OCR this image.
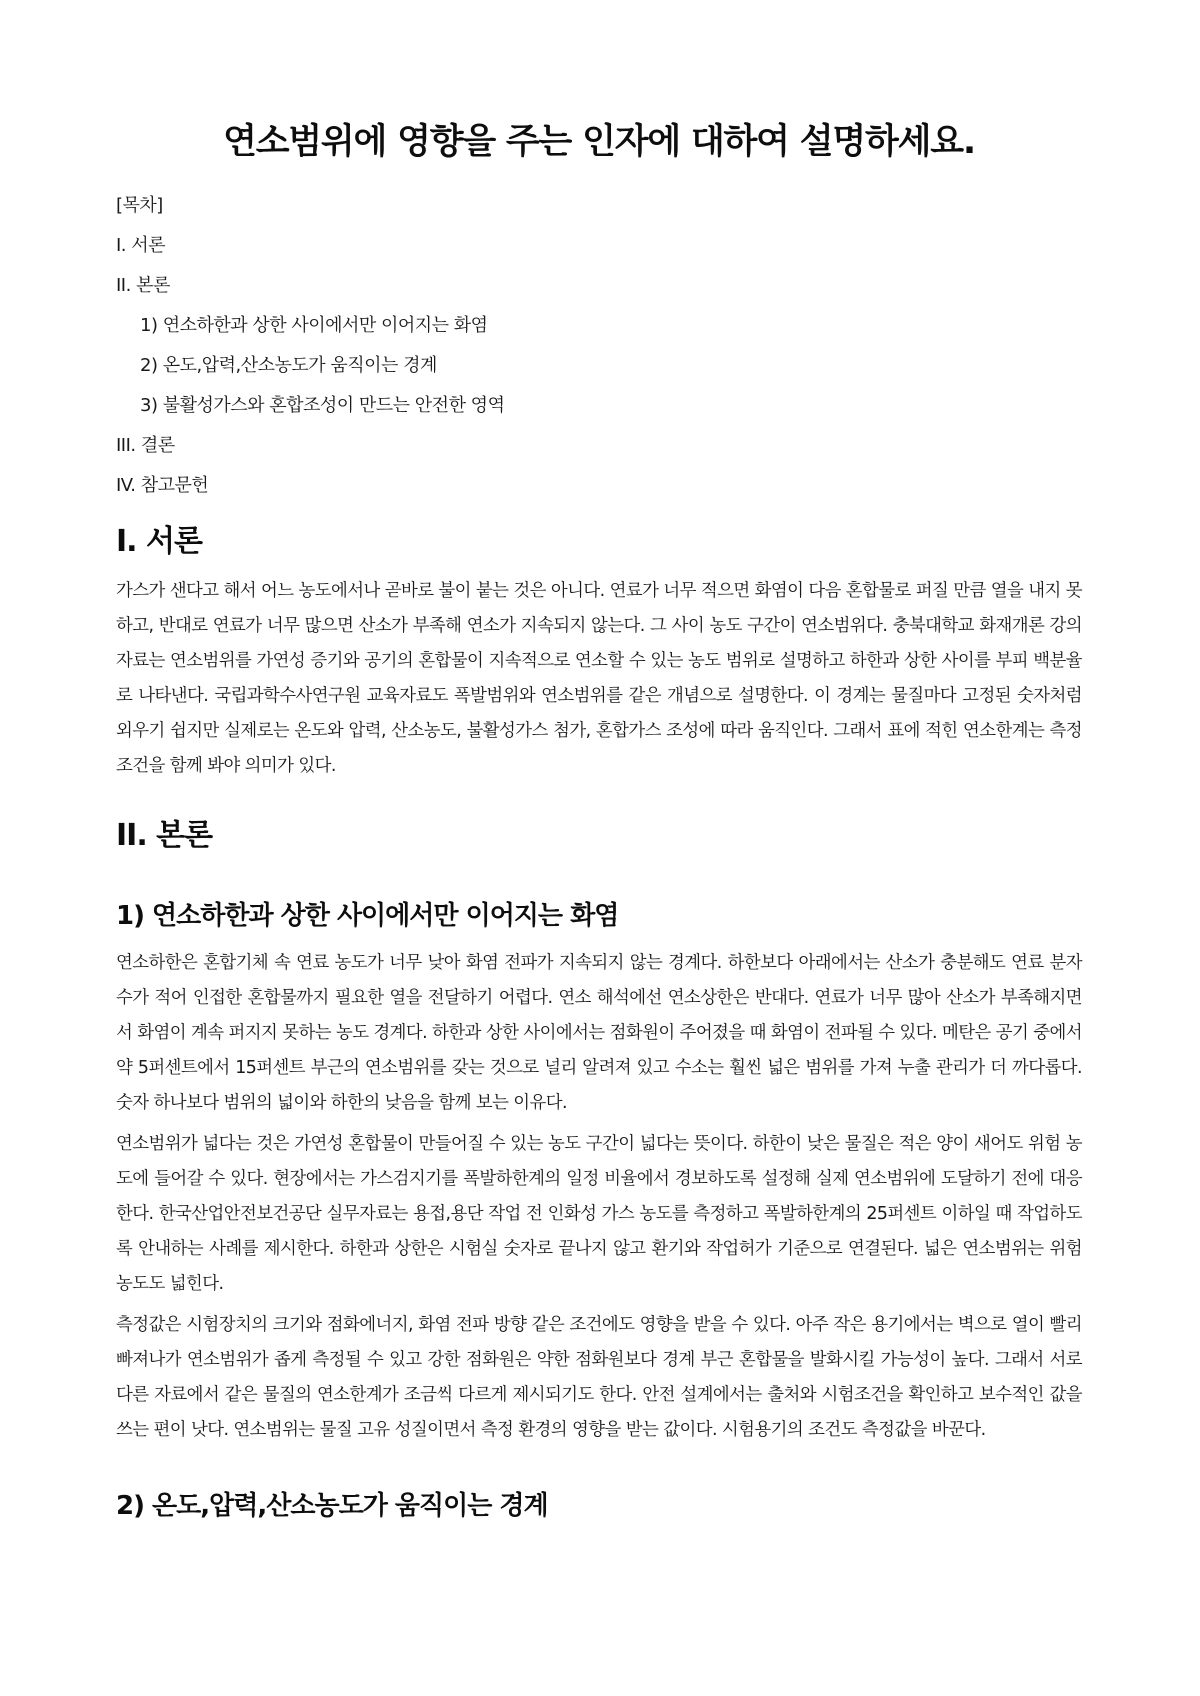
연소범위에 영향을 주는 인자에 대하여 설명하세요.
[목차]
I. 서론
II. 본론
1) 연소하한과 상한 사이에서만 이어지는 화염
2) 온도,압력,산소농도가 움직이는 경계
3) 불활성가스와 혼합조성이 만드는 안전한 영역
III. 결론
IV. 참고문헌
I. 서론

가스가 샌다고 해서 어느 농도에서나 곧바로 불이 붙는 것은 아니다. 연료가 너무 적으면 화염이 다음 혼합물로 퍼질 만큼 열을 내지 못하고, 반대로 연료가 너무 많으면 산소가 부족해 연소가 지속되지 않는다. 그 사이 농도 구간이 연소범위다. 충북대학교 화재개론 강의자료는 연소범위를 가연성 증기와 공기의 혼합물이 지속적으로 연소할 수 있는 농도 범위로 설명하고 하한과 상한 사이를 부피 백분율로 나타낸다. 국립과학수사연구원 교육자료도 폭발범위와 연소범위를 같은 개념으로 설명한다. 이 경계는 물질마다 고정된 숫자처럼 외우기 쉽지만 실제로는 온도와 압력, 산소농도, 불활성가스 첨가, 혼합가스 조성에 따라 움직인다. 그래서 표에 적힌 연소한계는 측정 조건을 함께 봐야 의미가 있다.

II. 본론
1) 연소하한과 상한 사이에서만 이어지는 화염

연소하한은 혼합기체 속 연료 농도가 너무 낮아 화염 전파가 지속되지 않는 경계다. 하한보다 아래에서는 산소가 충분해도 연료 분자 수가 적어 인접한 혼합물까지 필요한 열을 전달하기 어렵다. 연소 해석에선 연소상한은 반대다. 연료가 너무 많아 산소가 부족해지면서 화염이 계속 퍼지지 못하는 농도 경계다. 하한과 상한 사이에서는 점화원이 주어졌을 때 화염이 전파될 수 있다. 메탄은 공기 중에서 약 5퍼센트에서 15퍼센트 부근의 연소범위를 갖는 것으로 널리 알려져 있고 수소는 훨씬 넓은 범위를 가져 누출 관리가 더 까다롭다. 숫자 하나보다 범위의 넓이와 하한의 낮음을 함께 보는 이유다.

연소범위가 넓다는 것은 가연성 혼합물이 만들어질 수 있는 농도 구간이 넓다는 뜻이다. 하한이 낮은 물질은 적은 양이 새어도 위험 농도에 들어갈 수 있다. 현장에서는 가스검지기를 폭발하한계의 일정 비율에서 경보하도록 설정해 실제 연소범위에 도달하기 전에 대응한다. 한국산업안전보건공단 실무자료는 용접,용단 작업 전 인화성 가스 농도를 측정하고 폭발하한계의 25퍼센트 이하일 때 작업하도록 안내하는 사례를 제시한다. 하한과 상한은 시험실 숫자로 끝나지 않고 환기와 작업허가 기준으로 연결된다. 넓은 연소범위는 위험 농도도 넓힌다.

측정값은 시험장치의 크기와 점화에너지, 화염 전파 방향 같은 조건에도 영향을 받을 수 있다. 아주 작은 용기에서는 벽으로 열이 빨리 빠져나가 연소범위가 좁게 측정될 수 있고 강한 점화원은 약한 점화원보다 경계 부근 혼합물을 발화시킬 가능성이 높다. 그래서 서로 다른 자료에서 같은 물질의 연소한계가 조금씩 다르게 제시되기도 한다. 안전 설계에서는 출처와 시험조건을 확인하고 보수적인 값을 쓰는 편이 낫다. 연소범위는 물질 고유 성질이면서 측정 환경의 영향을 받는 값이다. 시험용기의 조건도 측정값을 바꾼다.

2) 온도,압력,산소농도가 움직이는 경계
